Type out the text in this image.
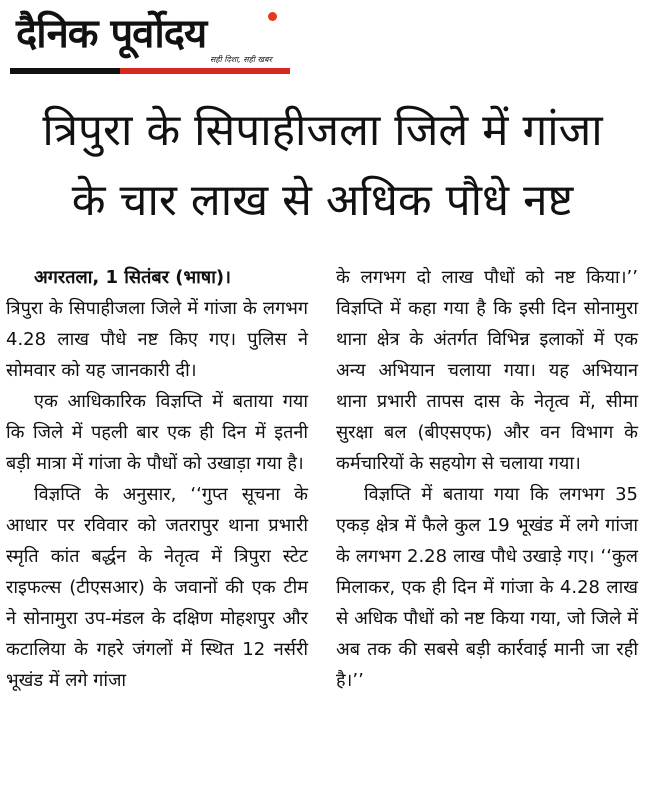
दैनिक पूर्वोदय
सही दिशा, सही खबर
त्रिपुरा के सिपाहीजला जिले में गांजा
के चार लाख से अधिक पौधे नष्ट

अगरतला, 1 सितंबर (भाषा)।

त्रिपुरा के सिपाहीजला जिले में गांजा के लगभग 4.28 लाख पौधे नष्ट किए गए। पुलिस ने सोमवार को यह जानकारी दी।

एक आधिकारिक विज्ञप्ति में बताया गया कि जिले में पहली बार एक ही दिन में इतनी बड़ी मात्रा में गांजा के पौधों को उखाड़ा गया है।

विज्ञप्ति के अनुसार, ‘‘गुप्त सूचना के आधार पर रविवार को जतरापुर थाना प्रभारी स्मृति कांत बर्द्धन के नेतृत्व में त्रिपुरा स्टेट राइफल्स (टीएसआर) के जवानों की एक टीम ने सोनामुरा उप-मंडल के दक्षिण मोहशपुर और कटालिया के गहरे जंगलों में स्थित 12 नर्सरी भूखंड में लगे गांजा

के लगभग दो लाख पौधों को नष्ट किया।’’ विज्ञप्ति में कहा गया है कि इसी दिन सोनामुरा थाना क्षेत्र के अंतर्गत विभिन्न इलाकों में एक अन्य अभियान चलाया गया। यह अभियान थाना प्रभारी तापस दास के नेतृत्व में, सीमा सुरक्षा बल (बीएसएफ) और वन विभाग के कर्मचारियों के सहयोग से चलाया गया।

विज्ञप्ति में बताया गया कि लगभग 35 एकड़ क्षेत्र में फैले कुल 19 भूखंड में लगे गांजा के लगभग 2.28 लाख पौधे उखाड़े गए। ‘‘कुल मिलाकर, एक ही दिन में गांजा के 4.28 लाख से अधिक पौधों को नष्ट किया गया, जो जिले में अब तक की सबसे बड़ी कार्रवाई मानी जा रही है।’’
